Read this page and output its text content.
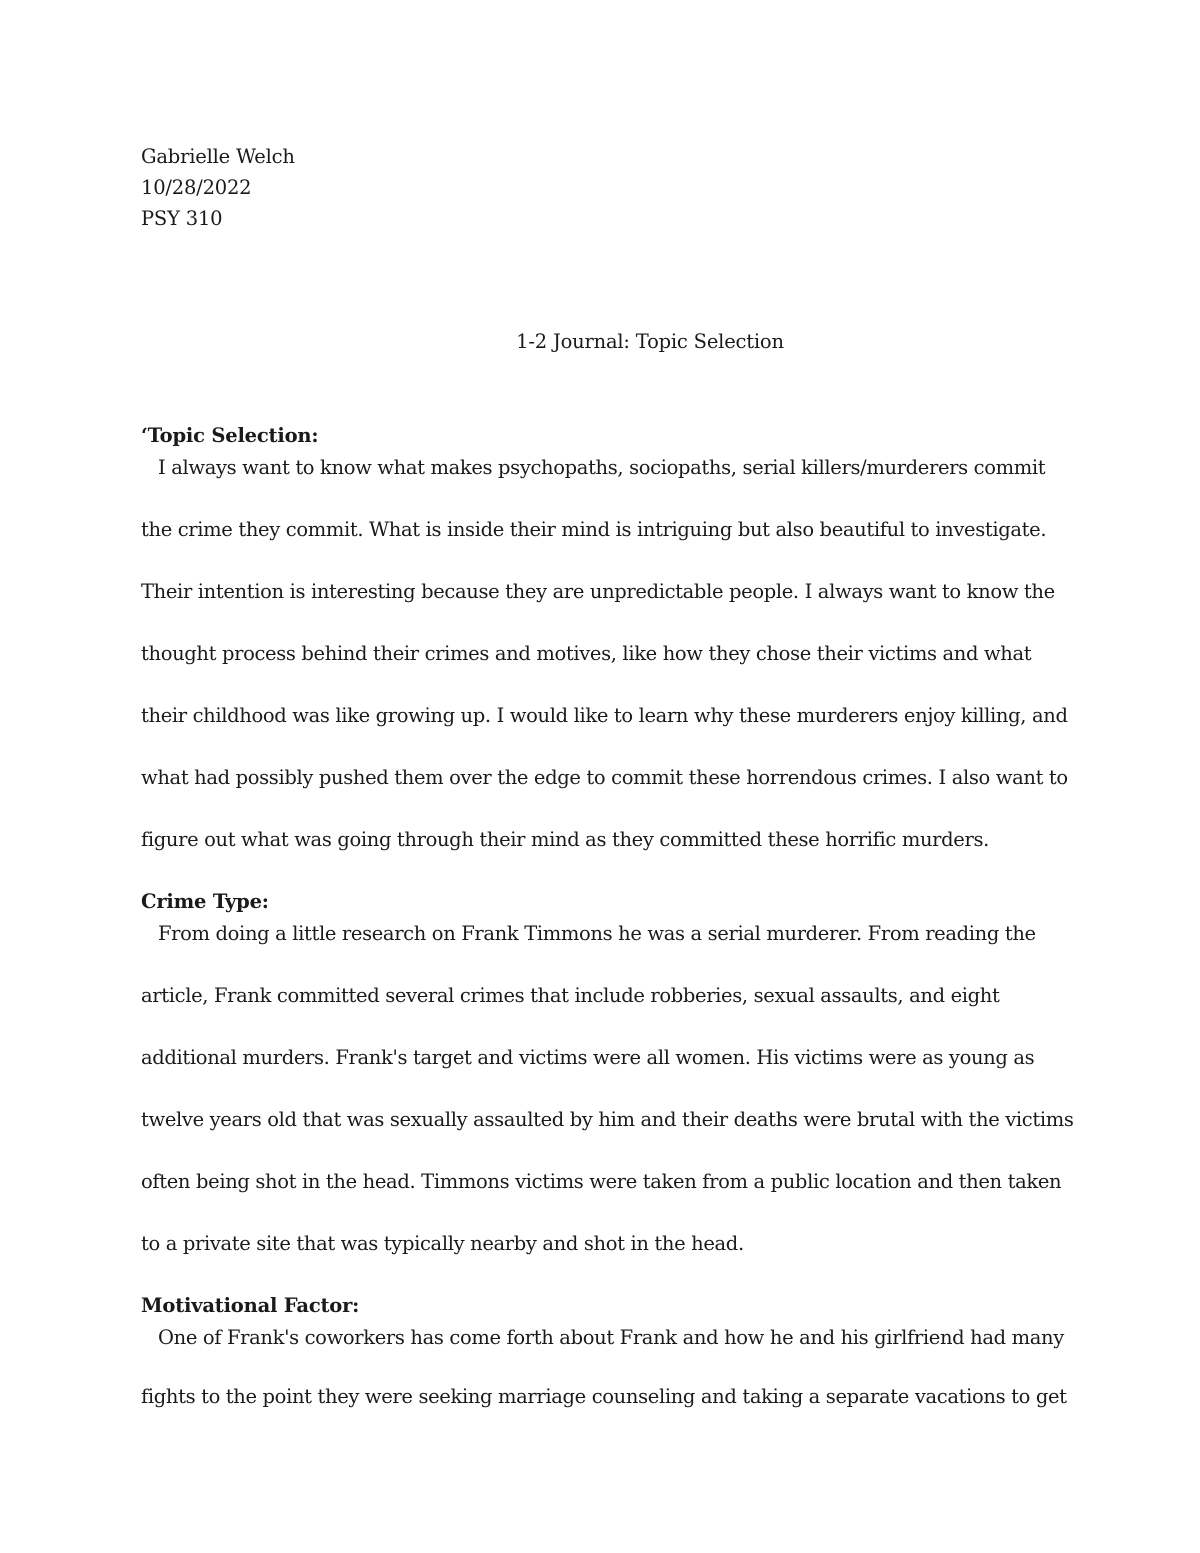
Gabrielle Welch
10/28/2022
PSY 310
1-2 Journal: Topic Selection
‘Topic Selection:
I always want to know what makes psychopaths, sociopaths, serial killers/murderers commit
the crime they commit. What is inside their mind is intriguing but also beautiful to investigate.
Their intention is interesting because they are unpredictable people. I always want to know the
thought process behind their crimes and motives, like how they chose their victims and what
their childhood was like growing up. I would like to learn why these murderers enjoy killing, and
what had possibly pushed them over the edge to commit these horrendous crimes. I also want to
figure out what was going through their mind as they committed these horrific murders.
Crime Type:
From doing a little research on Frank Timmons he was a serial murderer. From reading the
article, Frank committed several crimes that include robberies, sexual assaults, and eight
additional murders. Frank's target and victims were all women. His victims were as young as
twelve years old that was sexually assaulted by him and their deaths were brutal with the victims
often being shot in the head. Timmons victims were taken from a public location and then taken
to a private site that was typically nearby and shot in the head.
Motivational Factor:
One of Frank's coworkers has come forth about Frank and how he and his girlfriend had many
fights to the point they were seeking marriage counseling and taking a separate vacations to get
